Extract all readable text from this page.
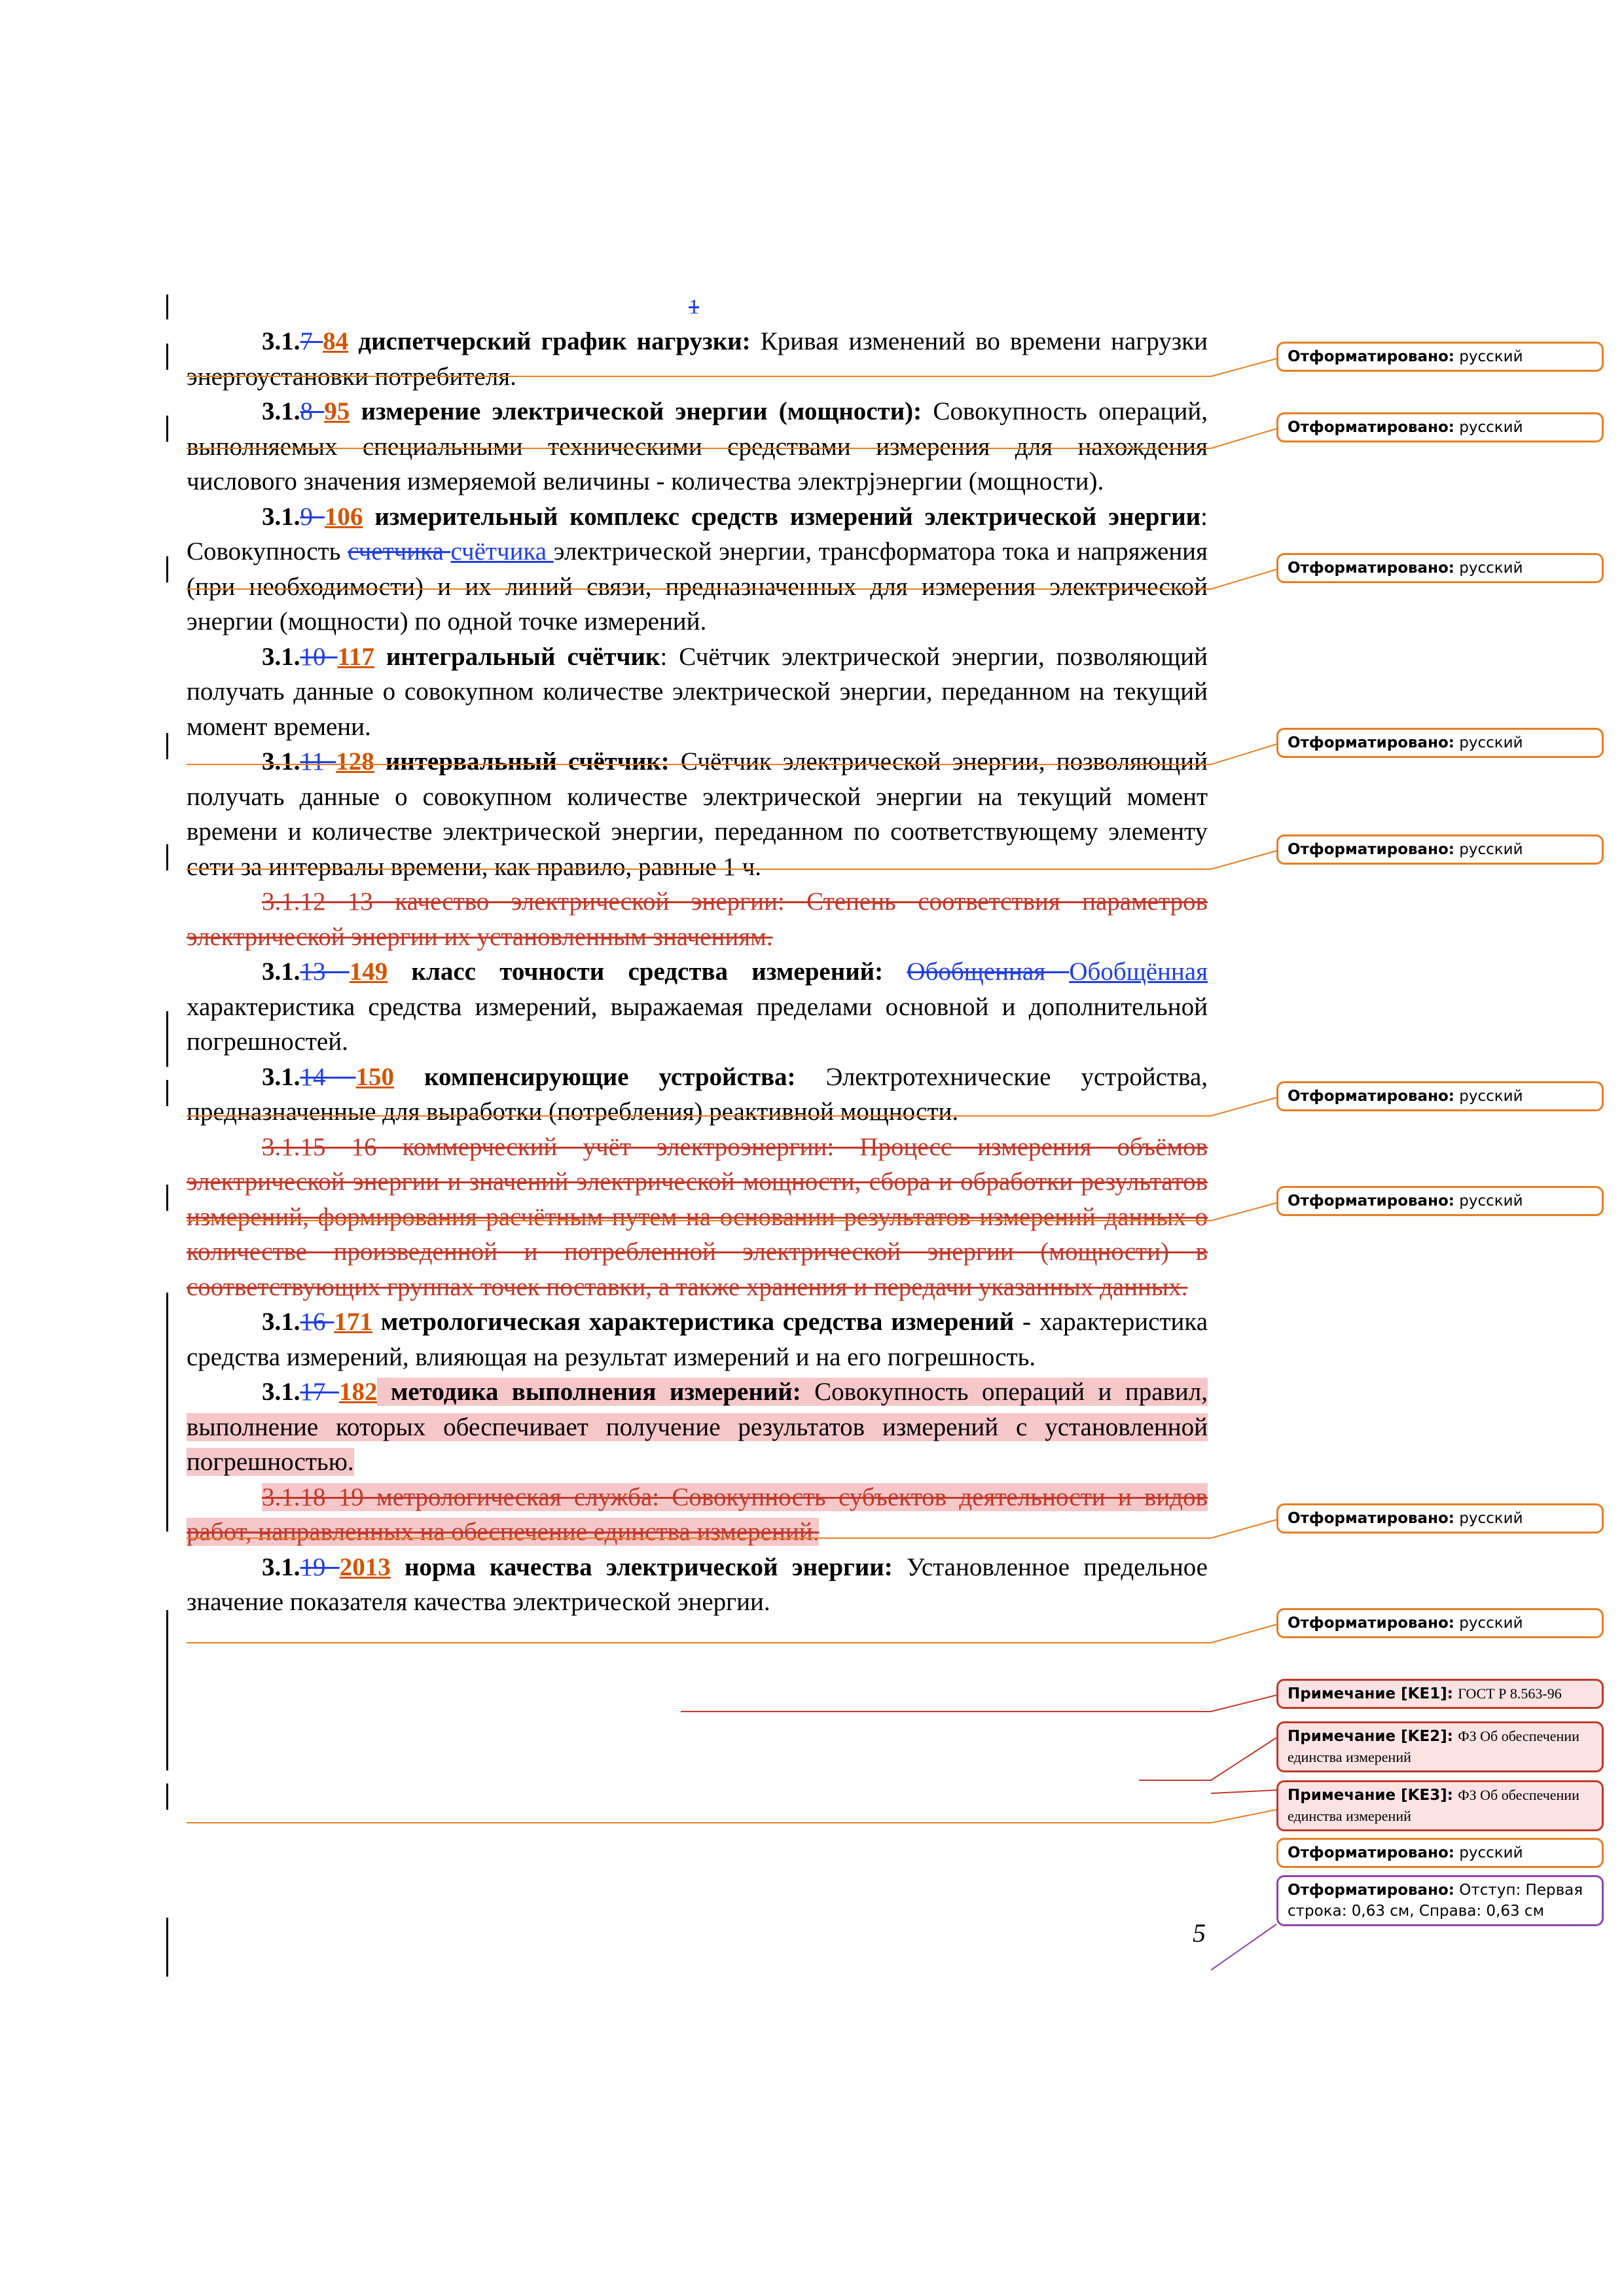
1

3.1.7 84 диспетчерский график нагрузки: Кривая изменений во времени нагрузки энергоустановки потребителя.

3.1.8 95 измерение электрической энергии (мощности): Совокупность операций, выполняемых специальными техническими средствами измерения для нахождения числового значения измеряемой величины - количества электрјэнергии (мощности).

3.1.9 106 измерительный комплекс средств измерений электрической энергии: Совокупность счетчика счётчика электрической энергии, трансформатора тока и напряжения (при необходимости) и их линий связи, предназначенных для измерения электрической энергии (мощности) по одной точке измерений.

3.1.10 117 интегральный счётчик: Счётчик электрической энергии, позволяющий получать данные о совокупном количестве электрической энергии, переданном на текущий момент времени.

3.1.11 128 интервальный счётчик: Счётчик электрической энергии, позволяющий получать данные о совокупном количестве электрической энергии на текущий момент времени и количестве электрической энергии, переданном по соответствующему элементу сети за интервалы времени, как правило, равные 1 ч.

3.1.12 13 качество электрической энергии: Степень соответствия параметров электрической энергии их установленным значениям.

3.1.13 149 класс точности средства измерений: Обобщенная Обобщённая характеристика средства измерений, выражаемая пределами основной и дополнительной погрешностей.

3.1.14 150 компенсирующие устройства: Электротехнические устройства, предназначенные для выработки (потребления) реактивной мощности.

3.1.15 16 коммерческий учёт электроэнергии: Процесс измерения объёмов электрической энергии и значений электрической мощности, сбора и обработки результатов измерений, формирования расчётным путем на основании результатов измерений данных о количестве произведенной и потребленной электрической энергии (мощности) в соответствующих группах точек поставки, а также хранения и передачи указанных данных.

3.1.16 171 метрологическая характеристика средства измерений - характеристика средства измерений, влияющая на результат измерений и на его погрешность.

3.1.17 182 методика выполнения измерений: Совокупность операций и правил, выполнение которых обеспечивает получение результатов измерений с установленной погрешностью.

3.1.18 19 метрологическая служба: Совокупность субъектов деятельности и видов работ, направленных на обеспечение единства измерений.

3.1.19 2013 норма качества электрической энергии: Установленное предельное значение показателя качества электрической энергии.

5
Отформатировано: русский
Отформатировано: русский
Отформатировано: русский
Отформатировано: русский
Отформатировано: русский
Отформатировано: русский
Отформатировано: русский
Отформатировано: русский
Отформатировано: русский
Примечание [KE1]: ГОСТ Р 8.563-96
Примечание [KE2]: ФЗ Об обеспечении единства измерений
Примечание [KE3]: ФЗ Об обеспечении единства измерений
Отформатировано: русский
Отформатировано: Отступ: Первая строка: 0,63 см, Справа: 0,63 см
